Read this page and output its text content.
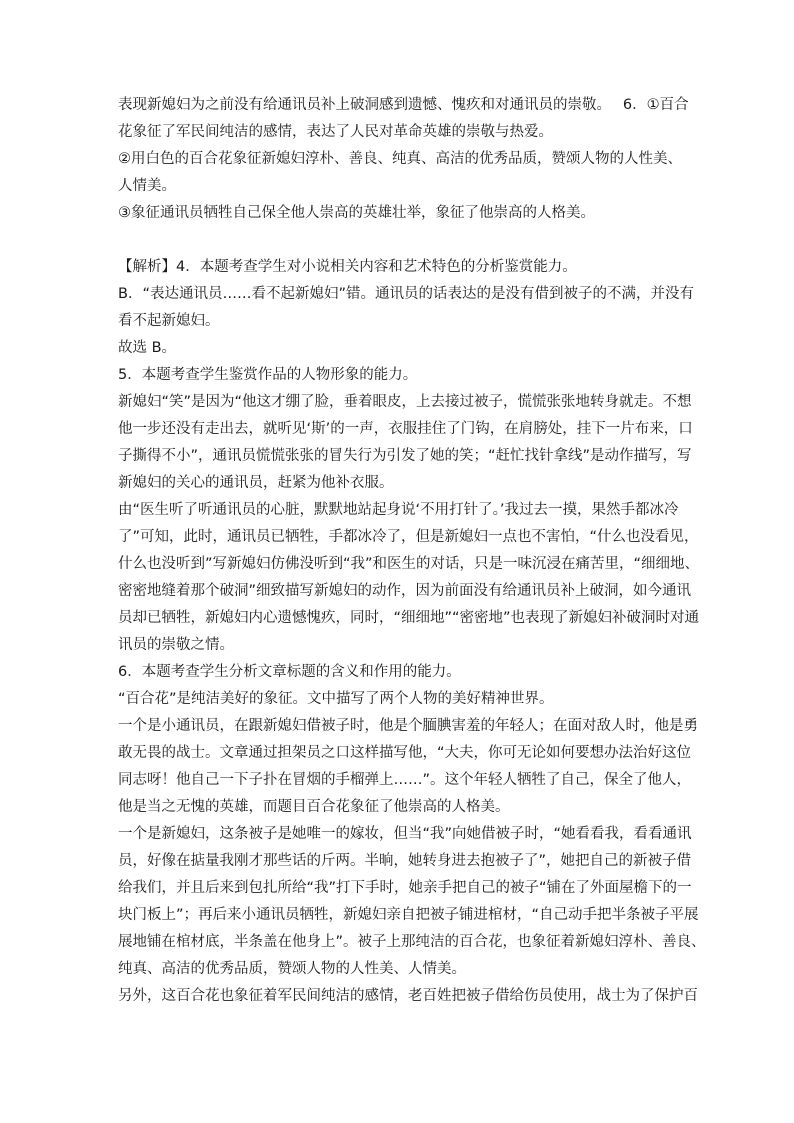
表现新媳妇为之前没有给通讯员补上破洞感到遗憾、愧疚和对通讯员的崇敬。　 6．①百合
花象征了军民间纯洁的感情，表达了人民对革命英雄的崇敬与热爱。
②用白色的百合花象征新媳妇淳朴、善良、纯真、高洁的优秀品质，赞颂人物的人性美、
人情美。
③象征通讯员牺牲自己保全他人崇高的英雄壮举，象征了他崇高的人格美。
【解析】4．本题考查学生对小说相关内容和艺术特色的分析鉴赏能力。
B．“表达通讯员……看不起新媳妇”错。通讯员的话表达的是没有借到被子的不满，并没有
看不起新媳妇。
故选 B。
5．本题考查学生鉴赏作品的人物形象的能力。
新媳妇“笑”是因为“他这才绷了脸，垂着眼皮，上去接过被子，慌慌张张地转身就走。不想
他一步还没有走出去，就听见‘斯’的一声，衣服挂住了门钩，在肩膀处，挂下一片布来，口
子撕得不小”，通讯员慌慌张张的冒失行为引发了她的笑；“赶忙找针拿线”是动作描写，写
新媳妇的关心的通讯员，赶紧为他补衣服。
由“医生听了听通讯员的心脏，默默地站起身说‘不用打针了。’我过去一摸，果然手都冰冷
了”可知，此时，通讯员已牺牲，手都冰冷了，但是新媳妇一点也不害怕，“什么也没看见，
什么也没听到”写新媳妇仿佛没听到“我”和医生的对话，只是一味沉浸在痛苦里，“细细地、
密密地缝着那个破洞”细致描写新媳妇的动作，因为前面没有给通讯员补上破洞，如今通讯
员却已牺牲，新媳妇内心遗憾愧疚，同时，“细细地”“密密地”也表现了新媳妇补破洞时对通
讯员的崇敬之情。
6．本题考查学生分析文章标题的含义和作用的能力。
“百合花”是纯洁美好的象征。文中描写了两个人物的美好精神世界。
一个是小通讯员，在跟新媳妇借被子时，他是个腼腆害羞的年轻人；在面对敌人时，他是勇
敢无畏的战士。文章通过担架员之口这样描写他，“大夫，你可无论如何要想办法治好这位
同志呀！他自己一下子扑在冒烟的手榴弹上……”。这个年轻人牺牲了自己，保全了他人，
他是当之无愧的英雄，而题目百合花象征了他崇高的人格美。
一个是新媳妇，这条被子是她唯一的嫁妆，但当“我”向她借被子时，“她看看我，看看通讯
员，好像在掂量我刚才那些话的斤两。半晌，她转身进去抱被子了”，她把自己的新被子借
给我们，并且后来到包扎所给“我”打下手时，她亲手把自己的被子“铺在了外面屋檐下的一
块门板上”；再后来小通讯员牺牲，新媳妇亲自把被子铺进棺材，“自己动手把半条被子平展
展地铺在棺材底，半条盖在他身上”。被子上那纯洁的百合花，也象征着新媳妇淳朴、善良、
纯真、高洁的优秀品质，赞颂人物的人性美、人情美。
另外，这百合花也象征着军民间纯洁的感情，老百姓把被子借给伤员使用，战士为了保护百
